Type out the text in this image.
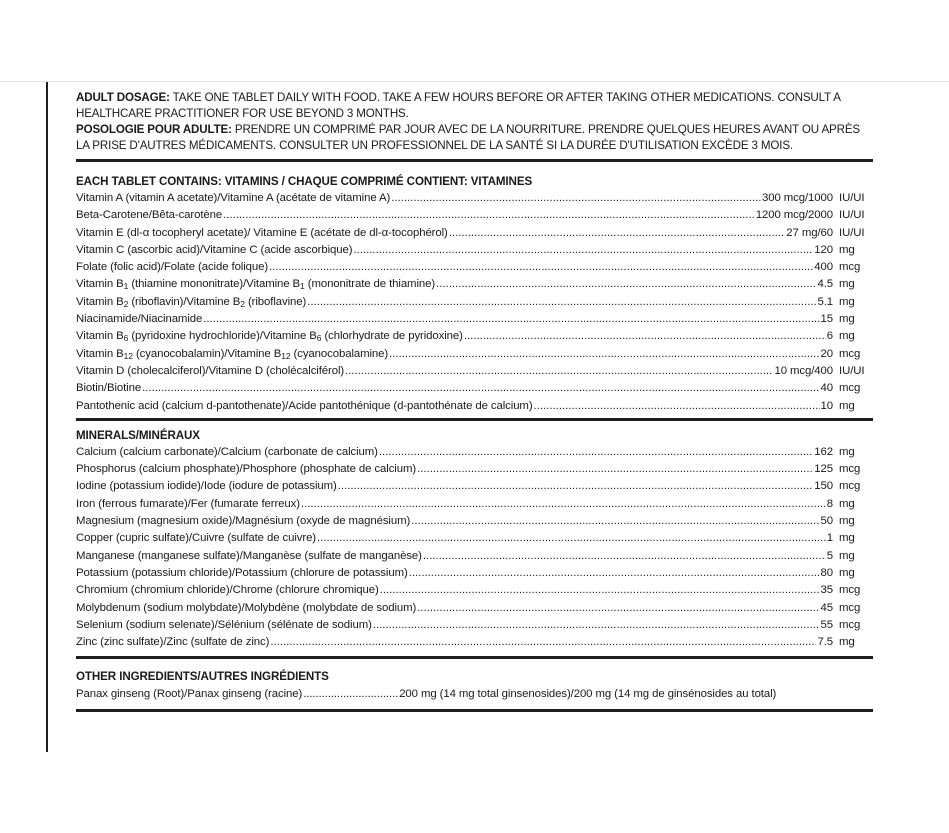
ADULT DOSAGE: TAKE ONE TABLET DAILY WITH FOOD. TAKE A FEW HOURS BEFORE OR AFTER TAKING OTHER MEDICATIONS. CONSULT A HEALTHCARE PRACTITIONER FOR USE BEYOND 3 MONTHS.
POSOLOGIE POUR ADULTE: PRENDRE UN COMPRIMÉ PAR JOUR AVEC DE LA NOURRITURE. PRENDRE QUELQUES HEURES AVANT OU APRÈS LA PRISE D'AUTRES MÉDICAMENTS. CONSULTER UN PROFESSIONNEL DE LA SANTÉ SI LA DURÉE D'UTILISATION EXCÈDE 3 MOIS.
EACH TABLET CONTAINS: VITAMINS / CHAQUE COMPRIMÉ CONTIENT: VITAMINES
Vitamin A (vitamin A acetate)/Vitamine A (acétate de vitamine A) .....	300 mcg/1000 IU/UI
Beta-Carotene/Bêta-carotène .....	1200 mcg/2000 IU/UI
Vitamin E (dl-α tocopheryl acetate)/ Vitamine E (acétate de dl-α-tocophérol) .....	27 mg/60 IU/UI
Vitamin C (ascorbic acid)/Vitamine C (acide ascorbique) .....	120 mg
Folate (folic acid)/Folate (acide folique) .....	400 mcg
Vitamin $B_1$ (thiamine mononitrate)/Vitamine $B_1$ (mononitrate de thiamine) .....	4.5 mg
Vitamin $B_2$ (riboflavin)/Vitamine $B_2$ (riboflavine) .....	5.1 mg
Niacinamide/Niacinamide .....	15 mg
Vitamin $B_6$ (pyridoxine hydrochloride)/Vitamine $B_6$ (chlorhydrate de pyridoxine) .....	6 mg
Vitamin $B_{12}$ (cyanocobalamin)/Vitamine $B_{12}$ (cyanocobalamine) .....	20 mcg
Vitamin D (cholecalciferol)/Vitamine D (cholécalciférol) .....	10 mcg/400 IU/UI
Biotin/Biotine .....	40 mcg
Pantothenic acid (calcium d-pantothenate)/Acide pantothénique (d-pantothénate de calcium) .....	10 mg
MINERALS/MINÉRAUX
Calcium (calcium carbonate)/Calcium (carbonate de calcium) .....	162 mg
Phosphorus (calcium phosphate)/Phosphore (phosphate de calcium) .....	125 mcg
Iodine (potassium iodide)/Iode (iodure de potassium) .....	150 mcg
Iron (ferrous fumarate)/Fer (fumarate ferreux) .....	8 mg
Magnesium (magnesium oxide)/Magnésium (oxyde de magnésium) .....	50 mg
Copper (cupric sulfate)/Cuivre (sulfate de cuivre) .....	1 mg
Manganese (manganese sulfate)/Manganèse (sulfate de manganèse) .....	5 mg
Potassium (potassium chloride)/Potassium (chlorure de potassium) .....	80 mg
Chromium (chromium chloride)/Chrome (chlorure chromique) .....	35 mcg
Molybdenum (sodium molybdate)/Molybdène (molybdate de sodium) .....	45 mcg
Selenium (sodium selenate)/Sélénium (sélénate de sodium) .....	55 mcg
Zinc (zinc sulfate)/Zinc (sulfate de zinc) .....	7.5 mg
OTHER INGREDIENTS/AUTRES INGRÉDIENTS
Panax ginseng (Root)/Panax ginseng (racine) .....	200 mg (14 mg total ginsenosides)/200 mg (14 mg de ginsénosides au total)
